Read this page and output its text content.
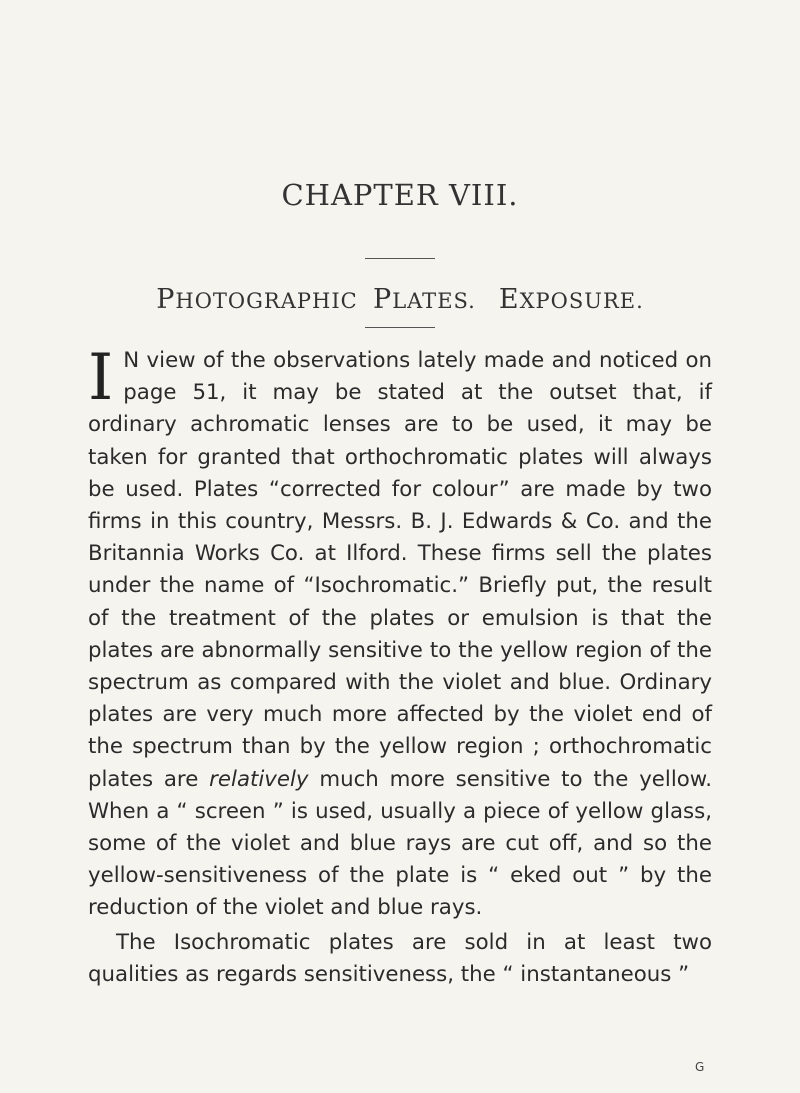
CHAPTER VIII.
PHOTOGRAPHIC PLATES. EXPOSURE.

IN view of the observations lately made and noticed on page 51, it may be stated at the outset that, if ordinary achromatic lenses are to be used, it may be taken for granted that orthochromatic plates will always be used. Plates “corrected for colour” are made by two firms in this country, Messrs. B. J. Edwards & Co. and the Britannia Works Co. at Ilford. These firms sell the plates under the name of “Isochromatic.” Briefly put, the result of the treatment of the plates or emulsion is that the plates are abnormally sensitive to the yellow region of the spectrum as compared with the violet and blue. Ordinary plates are very much more affected by the violet end of the spectrum than by the yellow region ; orthochromatic plates are relatively much more sensitive to the yellow. When a “ screen ” is used, usually a piece of yellow glass, some of the violet and blue rays are cut off, and so the yellow-sensitiveness of the plate is “ eked out ” by the reduction of the violet and blue rays.

The Isochromatic plates are sold in at least two qualities as regards sensitiveness, the “ instantaneous ”

G
